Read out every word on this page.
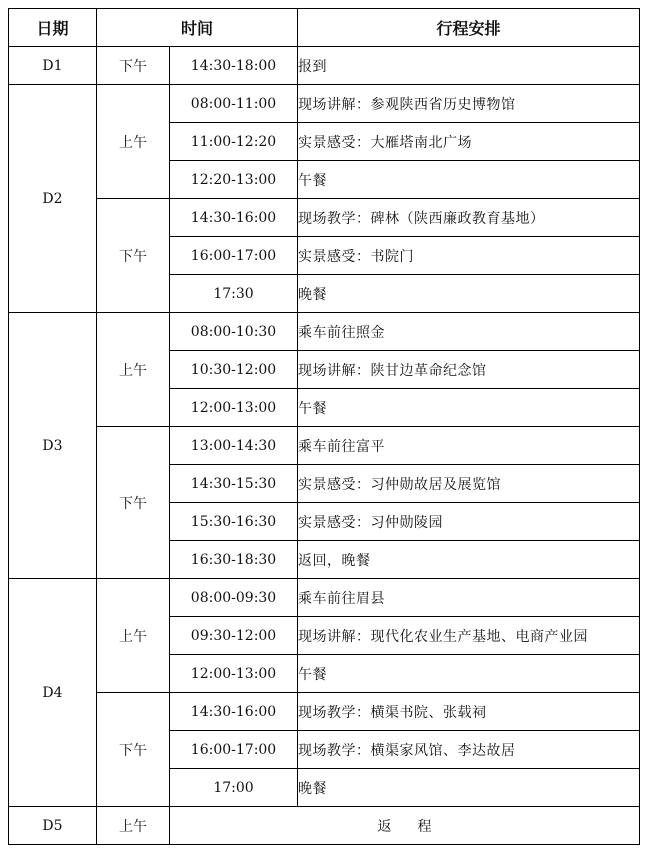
日期	时间		行程安排
D1	下午	14:30-18:00	报到
D2	上午	08:00-11:00	现场讲解：参观陕西省历史博物馆
		11:00-12:20	实景感受：大雁塔南北广场
		12:20-13:00	午餐
	下午	14:30-16:00	现场教学：碑林（陕西廉政教育基地）
		16:00-17:00	实景感受：书院门
		17:30	晚餐
D3	上午	08:00-10:30	乘车前往照金
		10:30-12:00	现场讲解：陕甘边革命纪念馆
		12:00-13:00	午餐
	下午	13:00-14:30	乘车前往富平
		14:30-15:30	实景感受：习仲勋故居及展览馆
		15:30-16:30	实景感受：习仲勋陵园
		16:30-18:30	返回，晚餐
D4	上午	08:00-09:30	乘车前往眉县
		09:30-12:00	现场讲解：现代化农业生产基地、电商产业园
		12:00-13:00	午餐
	下午	14:30-16:00	现场教学：横渠书院、张载祠
		16:00-17:00	现场教学：横渠家风馆、李达故居
		17:00	晚餐
D5	上午	返 程	
